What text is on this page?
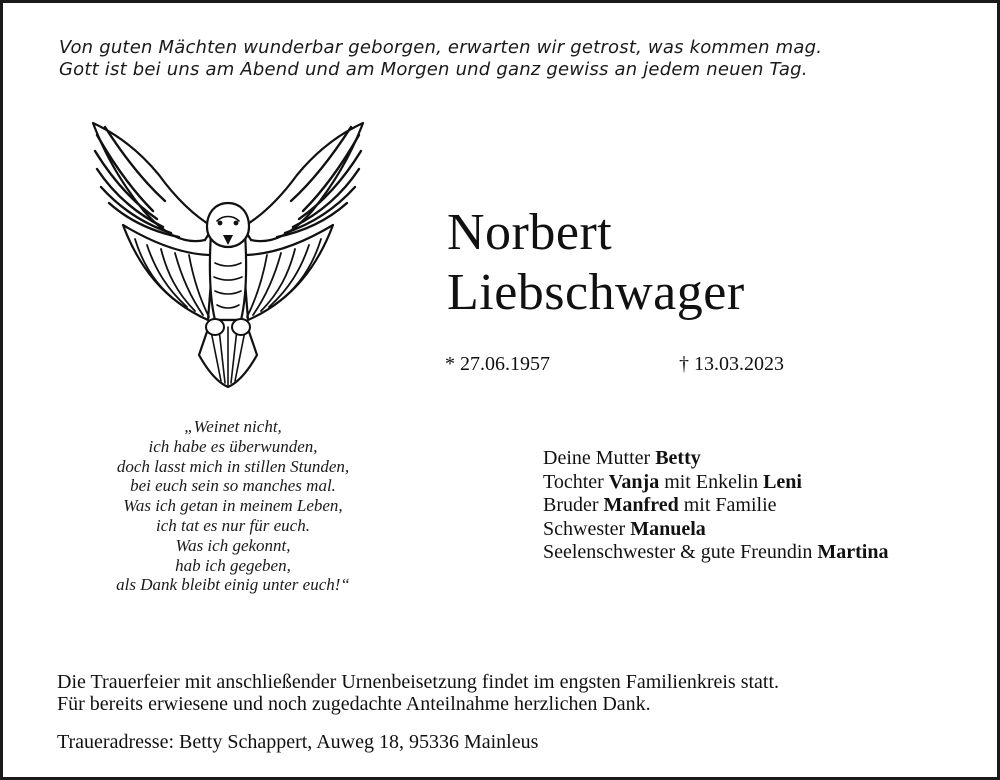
Von guten Mächten wunderbar geborgen, erwarten wir getrost, was kommen mag.
Gott ist bei uns am Abend und am Morgen und ganz gewiss an jedem neuen Tag.
Norbert
Liebschwager
* 27.06.1957	† 13.03.2023
„Weinet nicht,
ich habe es überwunden,
doch lasst mich in stillen Stunden,
bei euch sein so manches mal.
Was ich getan in meinem Leben,
ich tat es nur für euch.
Was ich gekonnt,
hab ich gegeben,
als Dank bleibt einig unter euch!“
Deine Mutter Betty
Tochter Vanja mit Enkelin Leni
Bruder Manfred mit Familie
Schwester Manuela
Seelenschwester & gute Freundin Martina
Die Trauerfeier mit anschließender Urnenbeisetzung findet im engsten Familienkreis statt.
Für bereits erwiesene und noch zugedachte Anteilnahme herzlichen Dank.
Traueradresse: Betty Schappert, Auweg 18, 95336 Mainleus
